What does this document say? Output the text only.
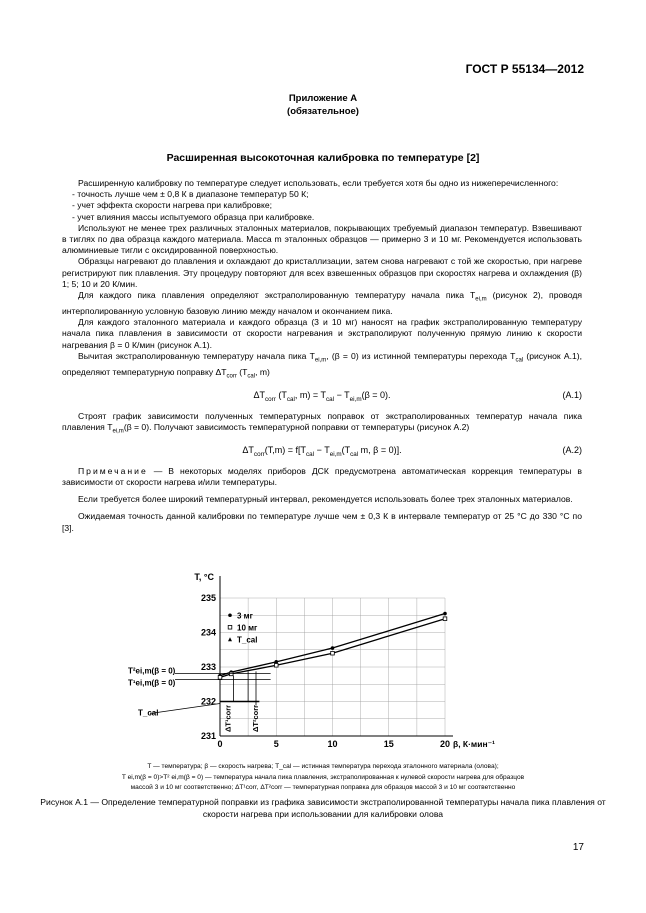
ГОСТ Р 55134—2012
Приложение А
(обязательное)
Расширенная высокоточная калибровка по температуре [2]

Расширенную калибровку по температуре следует использовать, если требуется хотя бы одно из нижеперечисленного:

- точность лучше чем ± 0,8 К в диапазоне температур 50 К;

- учет эффекта скорости нагрева при калибровке;

- учет влияния массы испытуемого образца при калибровке.

Используют не менее трех различных эталонных материалов, покрывающих требуемый диапазон температур. Взвешивают в тиглях по два образца каждого материала. Масса m эталонных образцов — примерно 3 и 10 мг. Рекомендуется использовать алюминиевые тигли с оксидированной поверхностью.

Образцы нагревают до плавления и охлаждают до кристаллизации, затем снова нагревают с той же скоростью, при нагреве регистрируют пик плавления. Эту процедуру повторяют для всех взвешенных образцов при скоростях нагрева и охлаждения (β) 1; 5; 10 и 20 К/мин.

Для каждого пика плавления определяют экстраполированную температуру начала пика $T_{ei,m}$ (рисунок 2), проводя интерполированную условную базовую линию между началом и окончанием пика.

Для каждого эталонного материала и каждого образца (3 и 10 мг) наносят на график экстраполированную температуру начала пика плавления в зависимости от скорости нагревания и экстраполируют полученную прямую линию к скорости нагревания β = 0 К/мин (рисунок А.1).

Вычитая экстраполированную температуру начала пика $T_{ei,m}$, (β = 0) из истинной температуры перехода $T_{cal}$ (рисунок А.1), определяют температурную поправку $\Delta T_{corr}$ ($T_{cal}$, m)

$\Delta T_{corr}$ ($T_{cal}$, $m) = T_{cal} - T_{ei,m}(\beta = 0)$.	(А.1)

Строят график зависимости полученных температурных поправок от экстраполированных температур начала пика плавления $T_{ei,m}(\beta = 0)$. Получают зависимость температурной поправки от температуры (рисунок А.2)

$\Delta T_{corr}(T,m) = f[T_{cal} - T_{ei,m}(T_{cal}$ m, β = 0)].	(А.2)

Примечание — В некоторых моделях приборов ДСК предусмотрена автоматическая коррекция температуры в зависимости от скорости нагрева и/или температуры.

Если требуется более широкий температурный интервал, рекомендуется использовать более трех эталонных материалов.

Ожидаемая точность данной калибровки по температуре лучше чем ± 0,3 К в интервале температур от 25 °С до 330 °С по [3].

0	5	10	15	20
231
232
233
234
235
T, °C
β, К·мин⁻¹
3 мг
10 мг
T_cal
T²ei,m(β = 0)
T¹ei,m(β = 0)
T_cal	ΔT¹corr ΔT²corr
T — температура; β — скорость нагрева; T_cal — истинная температура перехода эталонного материала (олова);
T ei,m(β = 0)>T² ei,m(β = 0) — температура начала пика плавления, экстраполированная к нулевой скорости нагрева для образцов
массой 3 и 10 мг соответственно; ΔT¹corr, ΔT²corr — температурная поправка для образцов массой 3 и 10 мг соответственно
Рисунок А.1 — Определение температурной поправки из графика зависимости экстраполированной температуры начала пика плавления от скорости нагрева при использовании для калибровки олова
17
